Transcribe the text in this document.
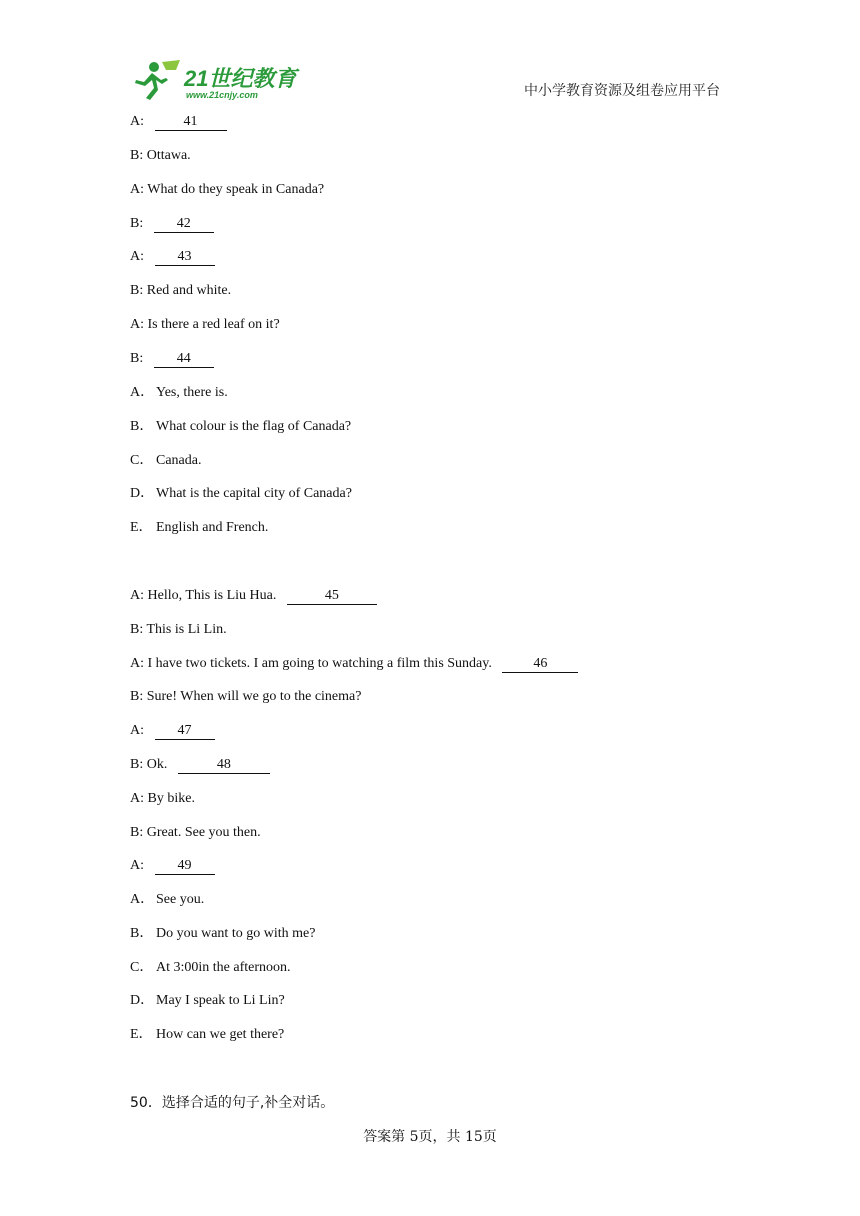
21世纪教育
www.21cnjy.com	中小学教育资源及组卷应用平台
A:	41
B: Ottawa.
A: What do they speak in Canada?
B: 42
A: 43
B: Red and white.
A: Is there a red leaf on it?
B: 44
A． Yes, there is.
B． What colour is the flag of Canada?
C． Canada.
D． What is the capital city of Canada?
E． English and French.
A: Hello, This is Liu Hua.	45
B: This is Li Lin.
A: I have two tickets. I am going to watching a film this Sunday.	46
B: Sure! When will we go to the cinema?
A: 47
B: Ok.	48
A: By bike.
B: Great. See you then.
A: 49
A． See you.
B． Do you want to go with me?
C． At 3:00in the afternoon.
D． May I speak to Li Lin?
E． How can we get there?
50．选择合适的句子,补全对话。
答案第 5页，共 15页
